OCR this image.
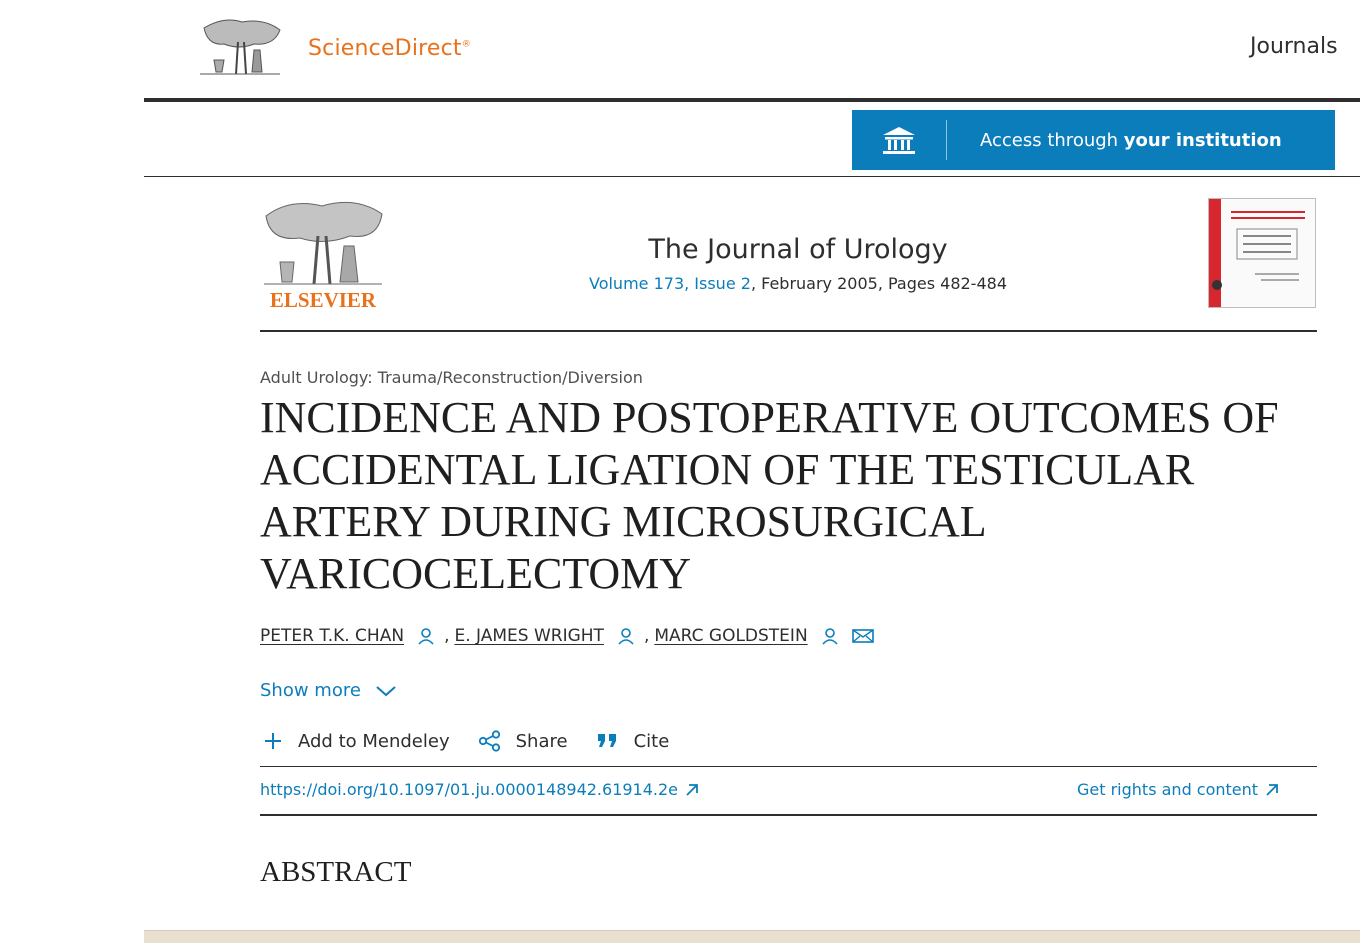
ScienceDirect®	Journals
Access through your institution
ELSEVIER
The Journal of Urology
Volume 173, Issue 2, February 2005, Pages 482-484
Adult Urology: Trauma/Reconstruction/Diversion
INCIDENCE AND POSTOPERATIVE OUTCOMES OF ACCIDENTAL LIGATION OF THE TESTICULAR ARTERY DURING MICROSURGICAL VARICOCELECTOMY
PETER T.K. CHAN , E. JAMES WRIGHT , MARC GOLDSTEIN
Show more
Add to Mendeley	Share	Cite
https://doi.org/10.1097/01.ju.0000148942.61914.2e	Get rights and content
ABSTRACT
